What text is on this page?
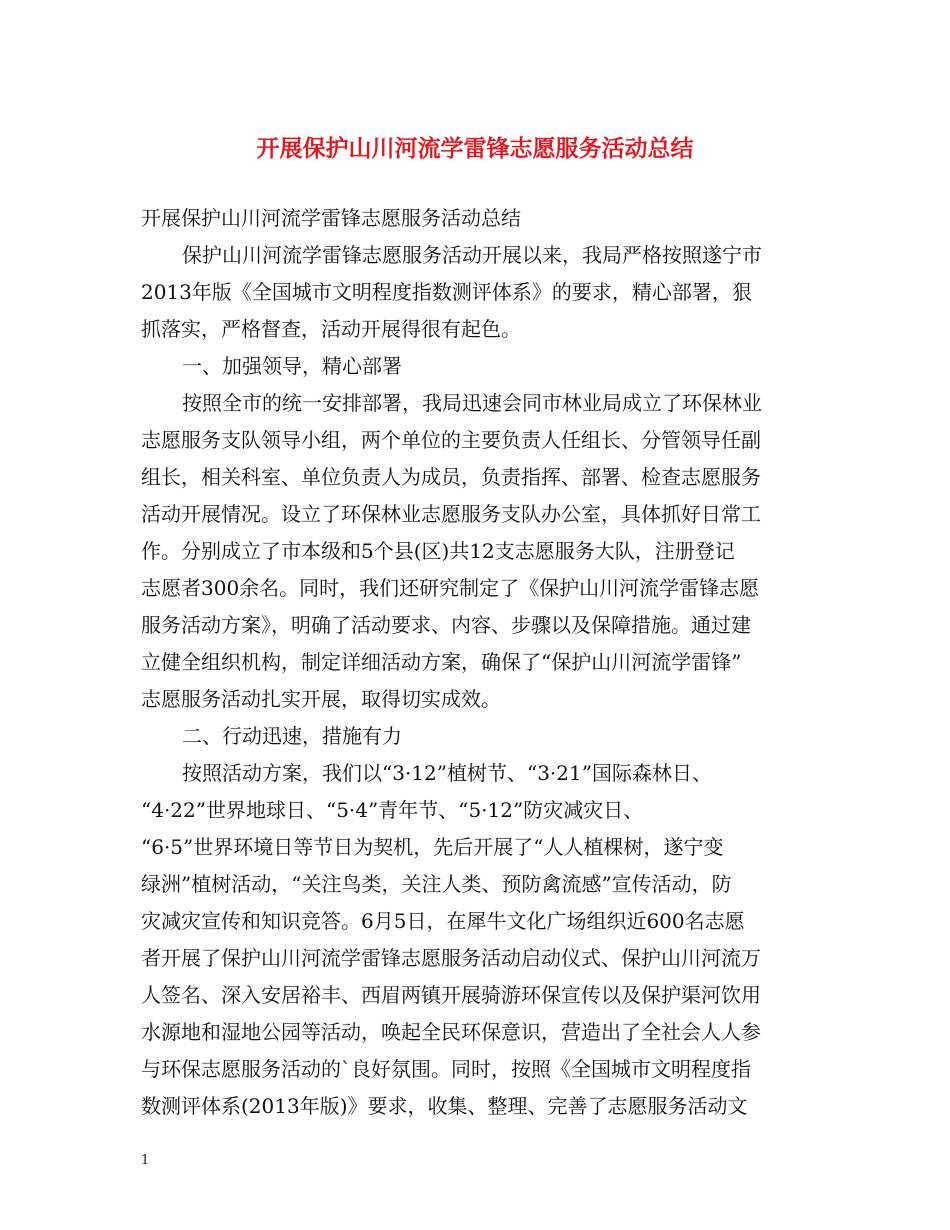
开展保护山川河流学雷锋志愿服务活动总结
开展保护山川河流学雷锋志愿服务活动总结
保护山川河流学雷锋志愿服务活动开展以来，我局严格按照遂宁市
2013年版《全国城市文明程度指数测评体系》的要求，精心部署，狠
抓落实，严格督查，活动开展得很有起色。
一、加强领导，精心部署
按照全市的统一安排部署，我局迅速会同市林业局成立了环保林业
志愿服务支队领导小组，两个单位的主要负责人任组长、分管领导任副
组长，相关科室、单位负责人为成员，负责指挥、部署、检查志愿服务
活动开展情况。设立了环保林业志愿服务支队办公室，具体抓好日常工
作。分别成立了市本级和5个县(区)共12支志愿服务大队，注册登记
志愿者300余名。同时，我们还研究制定了《保护山川河流学雷锋志愿
服务活动方案》，明确了活动要求、内容、步骤以及保障措施。通过建
立健全组织机构，制定详细活动方案，确保了“保护山川河流学雷锋”
志愿服务活动扎实开展，取得切实成效。
二、行动迅速，措施有力
按照活动方案，我们以“3·12”植树节、“3·21”国际森林日、
“4·22”世界地球日、“5·4”青年节、“5·12”防灾减灾日、
“6·5”世界环境日等节日为契机，先后开展了“人人植棵树，遂宁变
绿洲”植树活动，“关注鸟类，关注人类、预防禽流感”宣传活动，防
灾减灾宣传和知识竞答。6月5日，在犀牛文化广场组织近600名志愿
者开展了保护山川河流学雷锋志愿服务活动启动仪式、保护山川河流万
人签名、深入安居裕丰、西眉两镇开展骑游环保宣传以及保护渠河饮用
水源地和湿地公园等活动，唤起全民环保意识，营造出了全社会人人参
与环保志愿服务活动的`良好氛围。同时，按照《全国城市文明程度指
数测评体系(2013年版)》要求，收集、整理、完善了志愿服务活动文
1
